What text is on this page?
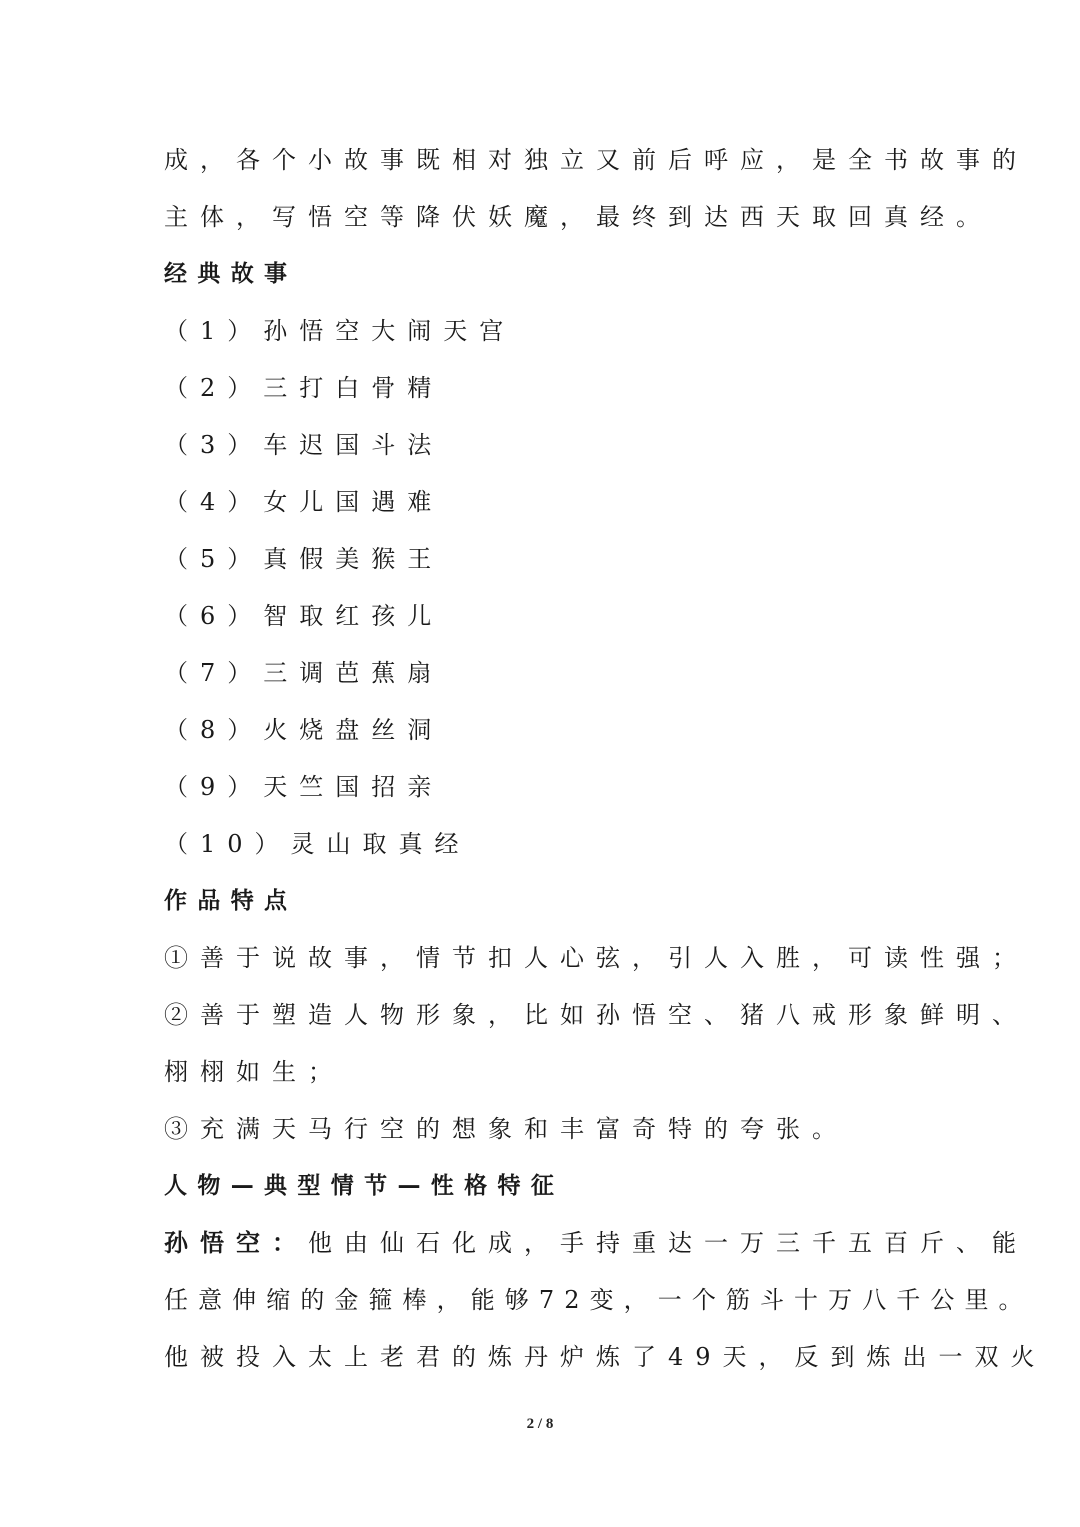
成，各个小故事既相对独立又前后呼应，是全书故事的
主体，写悟空等降伏妖魔，最终到达西天取回真经。
经典故事
（1）孙悟空大闹天宫
（2）三打白骨精
（3）车迟国斗法
（4）女儿国遇难
（5）真假美猴王
（6）智取红孩儿
（7）三调芭蕉扇
（8）火烧盘丝洞
（9）天竺国招亲
（10）灵山取真经
作品特点
①善于说故事，情节扣人心弦，引人入胜，可读性强；
②善于塑造人物形象，比如孙悟空、猪八戒形象鲜明、
栩栩如生；
③充满天马行空的想象和丰富奇特的夸张。
人物—典型情节—性格特征
孙悟空：他由仙石化成，手持重达一万三千五百斤、能
任意伸缩的金箍棒，能够72变，一个筋斗十万八千公里。
他被投入太上老君的炼丹炉炼了49天，反到炼出一双火
2 / 8
